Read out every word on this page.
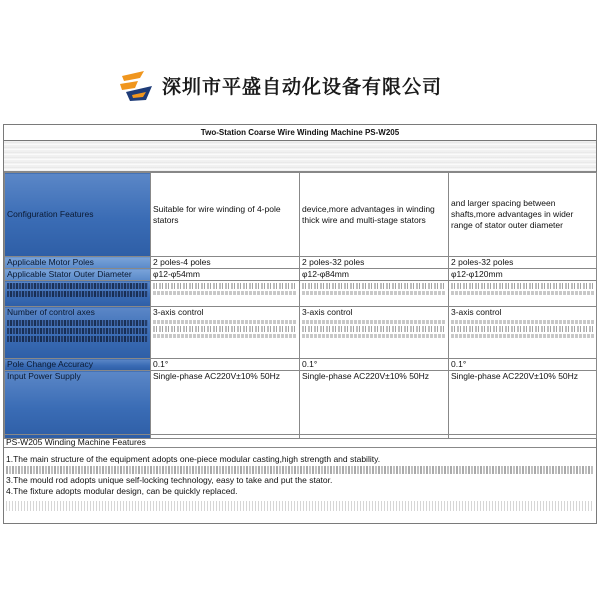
深圳市平盛自动化设备有限公司
Two-Station Coarse Wire Winding Machine PS-W205
Configuration Features	Suitable for wire winding of 4-pole stators	device,more advantages in winding thick wire and multi-stage stators	and larger spacing between shafts,more advantages in wider range of stator outer diameter
Applicable Motor Poles	2 poles-4 poles	2 poles-32 poles	2 poles-32 poles
Applicable Stator Outer Diameter	φ12-φ54mm	φ12-φ84mm	φ12-φ120mm

Number of control axes	3-axis control	3-axis control	3-axis control

Pole Change Accuracy	0.1°	0.1°	0.1°
Input Power Supply	Single-phase AC220V±10% 50Hz	Single-phase AC220V±10% 50Hz	Single-phase AC220V±10% 50Hz
PS-W205 Winding Machine Features
1.The main structure of the equipment adopts one-piece modular casting,high strength and stability.
3.The mould rod adopts unique self-locking technology, easy to take and put the stator.
4.The fixture adopts modular design, can be quickly replaced.
